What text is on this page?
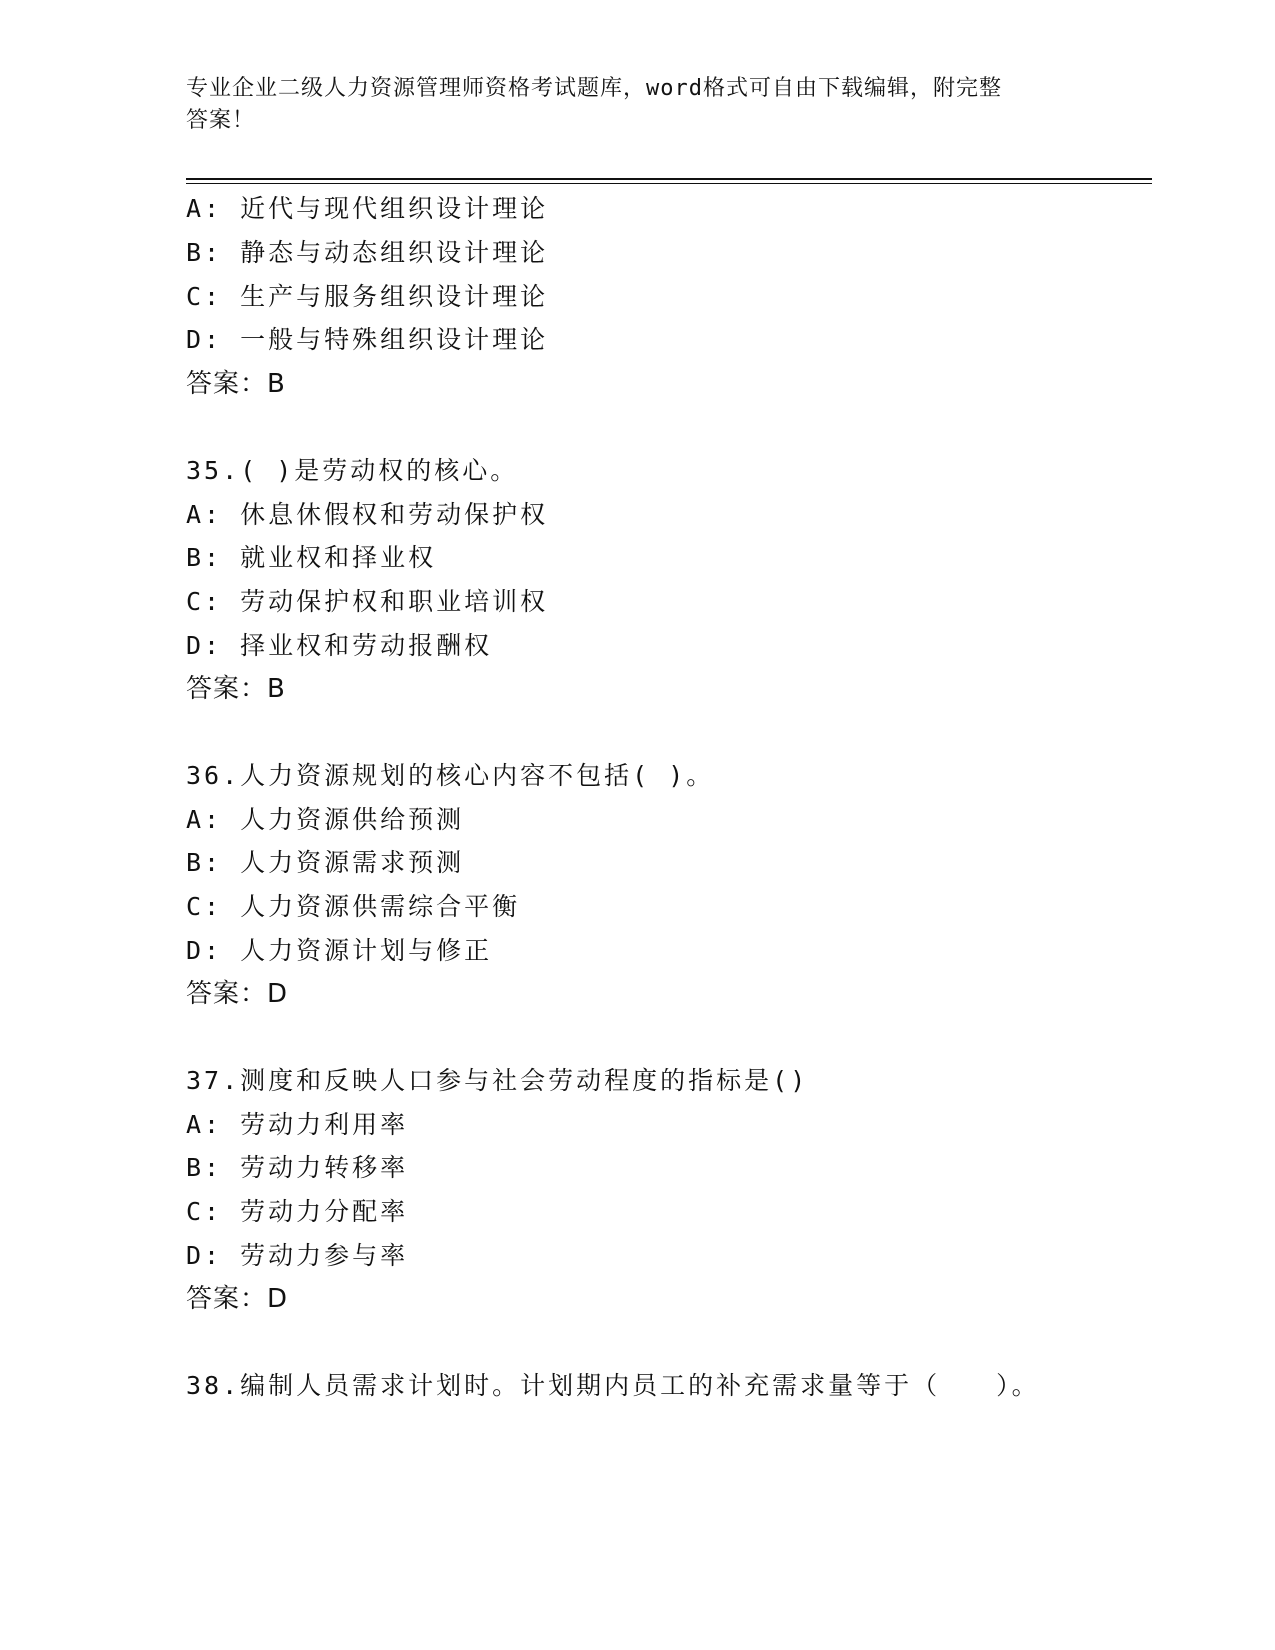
专业企业二级人力资源管理师资格考试题库，word格式可自由下载编辑，附完整
答案！
A: 近代与现代组织设计理论
B: 静态与动态组织设计理论
C: 生产与服务组织设计理论
D: 一般与特殊组织设计理论
答案：B
35.( )是劳动权的核心。
A: 休息休假权和劳动保护权
B: 就业权和择业权
C: 劳动保护权和职业培训权
D: 择业权和劳动报酬权
答案：B
36.人力资源规划的核心内容不包括( )。
A: 人力资源供给预测
B: 人力资源需求预测
C: 人力资源供需综合平衡
D: 人力资源计划与修正
答案：D
37.测度和反映人口参与社会劳动程度的指标是()
A: 劳动力利用率
B: 劳动力转移率
C: 劳动力分配率
D: 劳动力参与率
答案：D
38.编制人员需求计划时。计划期内员工的补充需求量等于（　　）。
